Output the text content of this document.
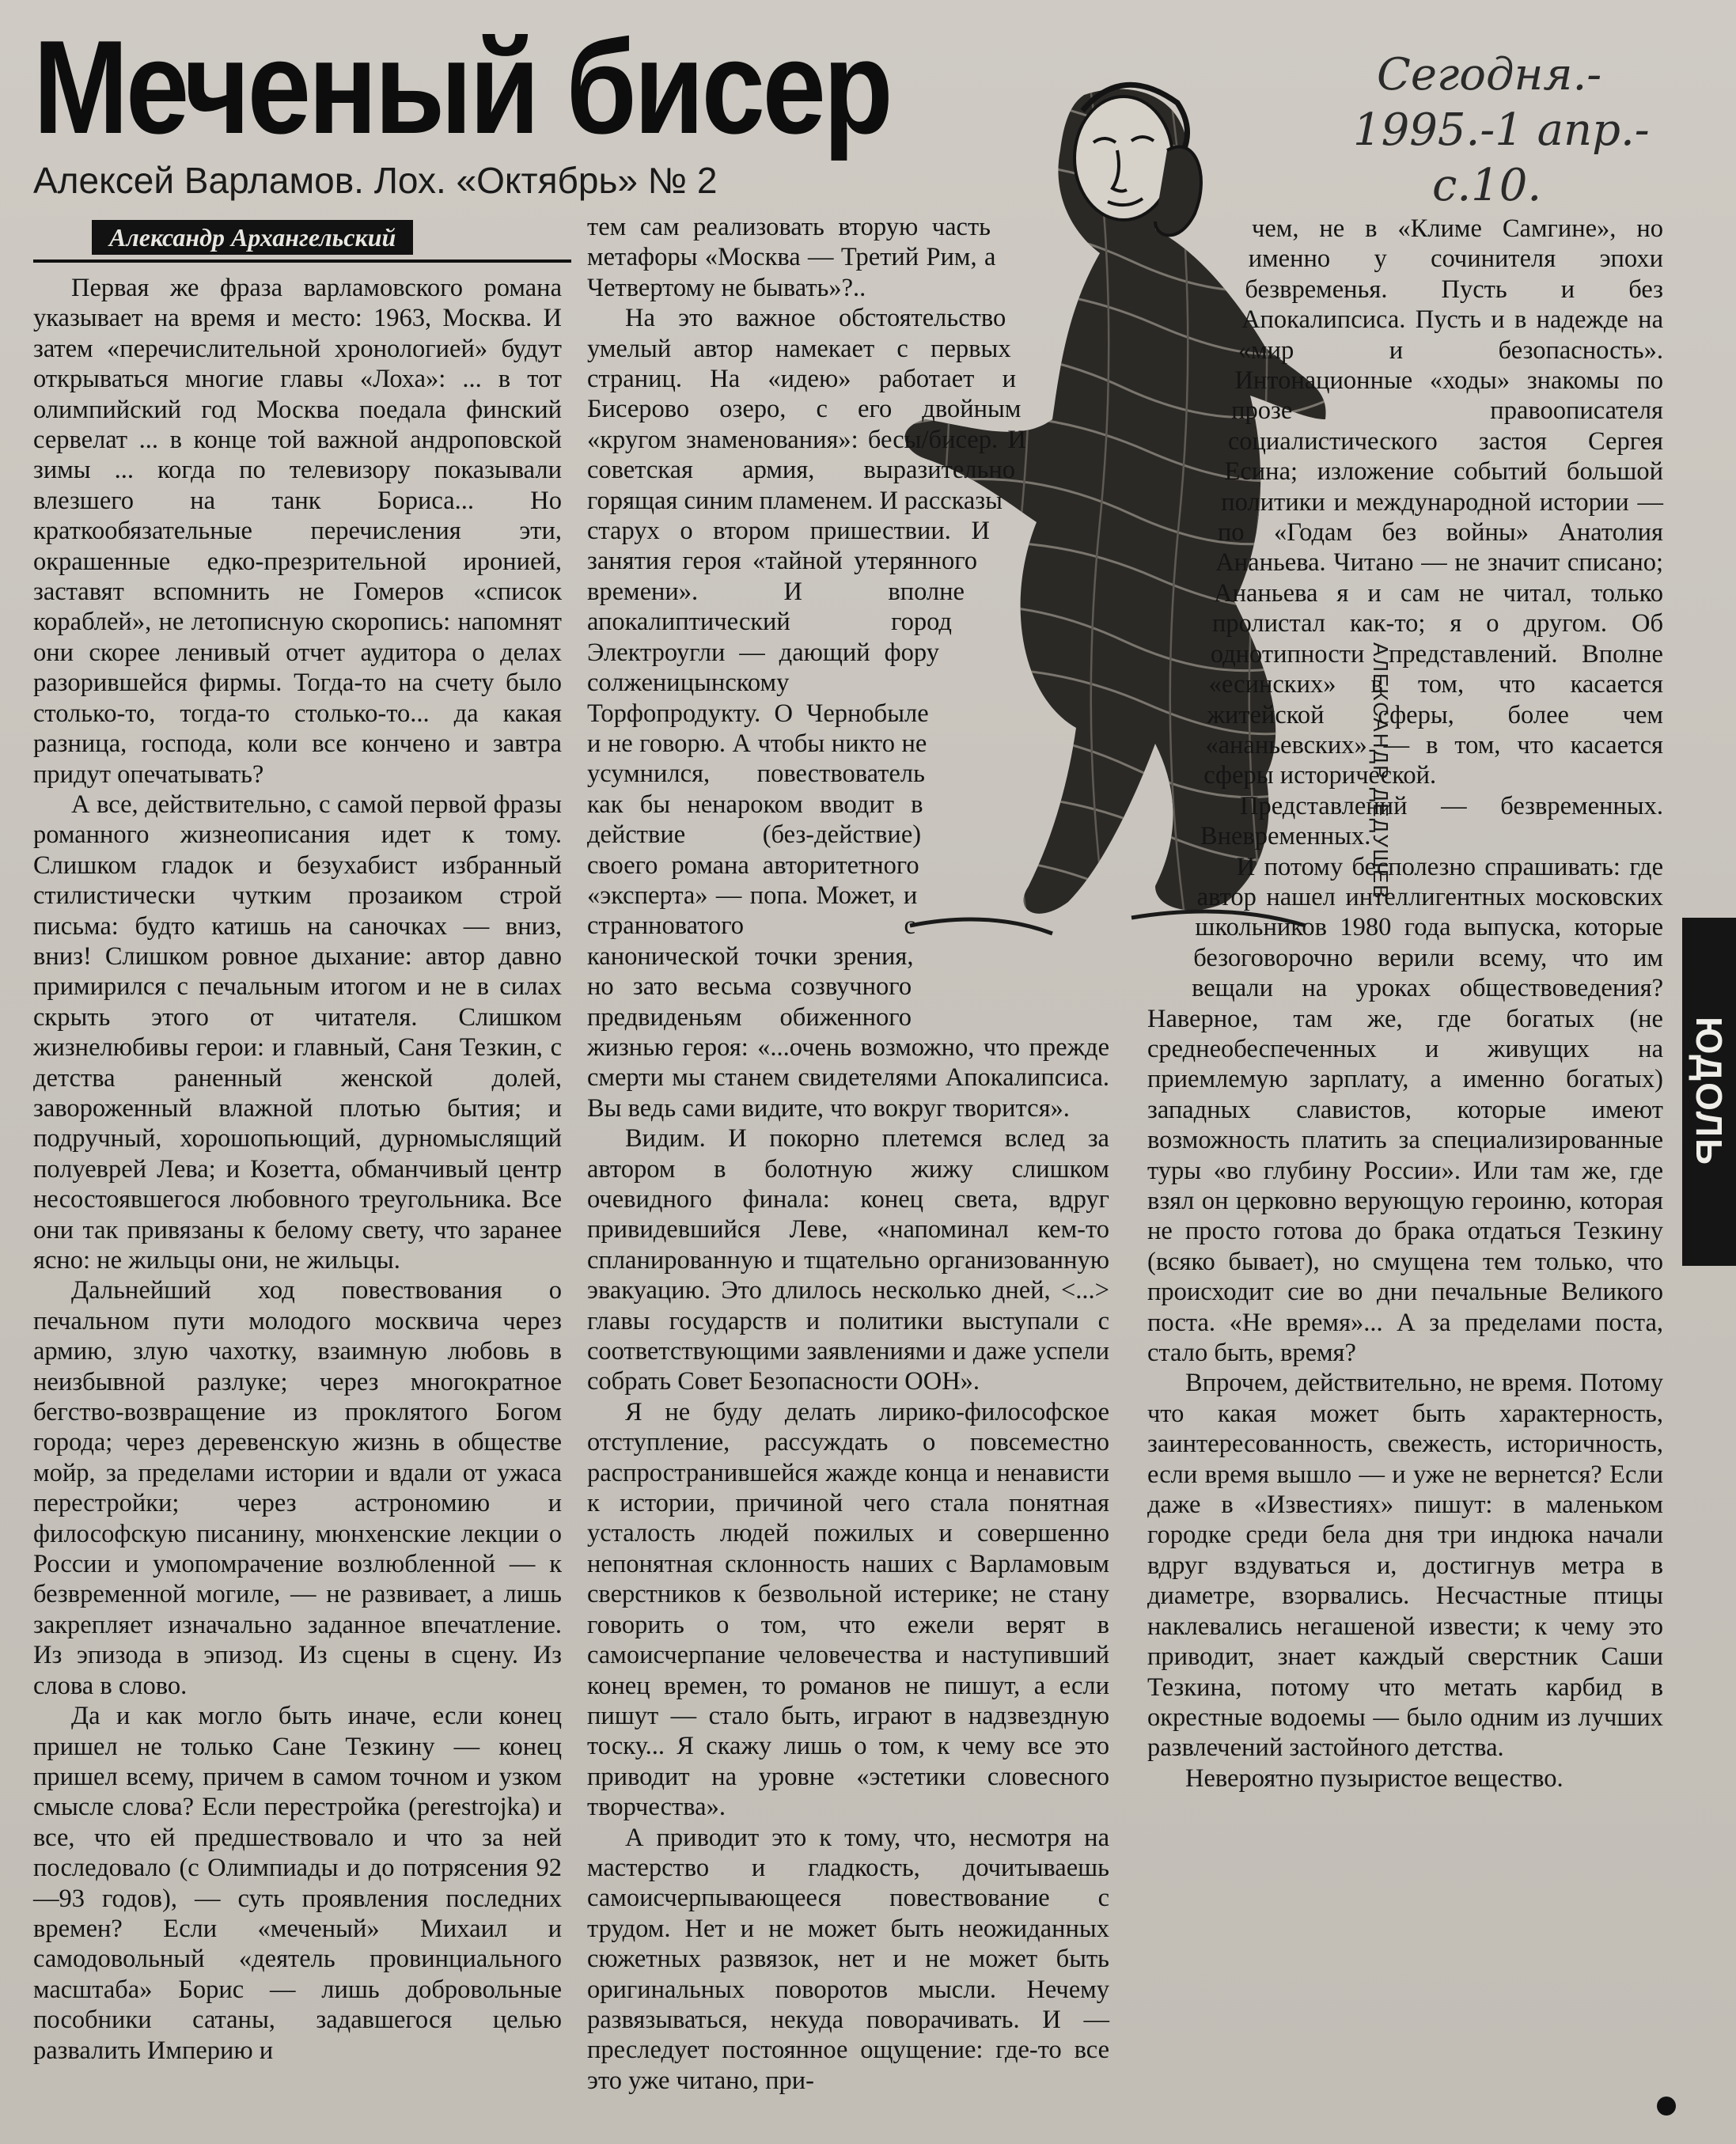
Меченый бисер
Алексей Варламов. Лох. «Октябрь» № 2
Александр Архангельский
Сегодня.-
1995.-1 апр.-
с.10.
АЛЕКСАНДР ДЕДУШЕВ

Первая же фраза варламовского романа указывает на время и место: 1963, Москва. И затем «перечислительной хронологией» будут открываться многие главы «Лоха»: ... в тот олимпийский год Москва поедала финский сервелат ... в конце той важной андроповской зимы ... когда по телевизору показывали влезшего на танк Бориса... Но краткообязательные перечисления эти, окрашенные едко-презрительной иронией, заставят вспомнить не Гомеров «список кораблей», не летописную скоропись: напомнят они скорее ленивый отчет аудитора о делах разорившейся фирмы. Тогда-то на счету было столько-то, тогда-то столько-то... да какая разница, господа, коли все кончено и завтра придут опечатывать?

А все, действительно, с самой первой фразы романного жизнеописания идет к тому. Слишком гладок и безухабист избранный стилистически чутким прозаиком строй письма: будто катишь на саночках — вниз, вниз! Слишком ровное дыхание: автор давно примирился с печальным итогом и не в силах скрыть этого от читателя. Слишком жизнелюбивы герои: и главный, Саня Тезкин, с детства раненный женской долей, завороженный влажной плотью бытия; и подручный, хорошопьющий, дурномыслящий полуеврей Лева; и Козетта, обманчивый центр несостоявшегося любовного треугольника. Все они так привязаны к белому свету, что заранее ясно: не жильцы они, не жильцы.

Дальнейший ход повествования о печальном пути молодого москвича через армию, злую чахотку, взаимную любовь в неизбывной разлуке; через многократное бегство-возвращение из проклятого Богом города; через деревенскую жизнь в обществе мойр, за пределами истории и вдали от ужаса перестройки; через астрономию и философскую писанину, мюнхенские лекции о России и умопомрачение возлюбленной — к безвременной могиле, — не развивает, а лишь закрепляет изначально заданное впечатление. Из эпизода в эпизод. Из сцены в сцену. Из слова в слово.

Да и как могло быть иначе, если конец пришел не только Сане Тезкину — конец пришел всему, причем в самом точном и узком смысле слова? Если перестройка (perestrojka) и все, что ей предшествовало и что за ней последовало (с Олимпиады и до потрясения 92—93 годов), — суть проявления последних времен? Если «меченый» Михаил и самодовольный «деятель провинциального масштаба» Борис — лишь добровольные пособники сатаны, задавшегося целью развалить Империю и

тем сам реализовать вторую часть метафоры «Москва — Третий Рим, а Четвертому не бывать»?..

На это важное обстоятельство умелый автор намекает с первых страниц. На «идею» работает и Бисерово озеро, с его двойным «кругом знаменования»: бесы/бисер. И советская армия, выразительно горящая синим пламенем. И рассказы старух о втором пришествии. И занятия героя «тайной утерянного времени». И вполне апокалиптический город Электроугли — дающий фору солженицынскому Торфопродукту. О Чернобыле и не говорю. А чтобы никто не усумнился, повествователь как бы ненароком вводит в действие (без-действие) своего романа авторитетного «эксперта» — попа. Может, и странноватого с канонической точки зрения, но зато весьма созвучного предвиденьям обиженного жизнью героя: «...очень возможно, что прежде смерти мы станем свидетелями Апокалипсиса. Вы ведь сами видите, что вокруг творится».

Видим. И покорно плетемся вслед за автором в болотную жижу слишком очевидного финала: конец света, вдруг привидевшийся Леве, «напоминал кем-то спланированную и тщательно организованную эвакуацию. Это длилось несколько дней, <...> главы государств и политики выступали с соответствующими заявлениями и даже успели собрать Совет Безопасности ООН».

Я не буду делать лирико-философское отступление, рассуждать о повсеместно распространившейся жажде конца и ненависти к истории, причиной чего стала понятная усталость людей пожилых и совершенно непонятная склонность наших с Варламовым сверстников к безвольной истерике; не стану говорить о том, что ежели верят в самоисчерпание человечества и наступивший конец времен, то романов не пишут, а если пишут — стало быть, играют в надзвездную тоску... Я скажу лишь о том, к чему все это приводит на уровне «эстетики словесного творчества».

А приводит это к тому, что, несмотря на мастерство и гладкость, дочитываешь самоисчерпывающееся повествование с трудом. Нет и не может быть неожиданных сюжетных развязок, нет и не может быть оригинальных поворотов мысли. Нечему развязываться, некуда поворачивать. И — преследует постоянное ощущение: где-то все это уже читано, при-

чем, не в «Климе Самгине», но именно у сочинителя эпохи безвременья. Пусть и без Апокалипсиса. Пусть и в надежде на «мир и безопасность». Интонационные «ходы» знакомы по прозе правоописателя социалистического застоя Сергея Есина; изложение событий большой политики и международной истории — по «Годам без войны» Анатолия Ананьева. Читано — не значит списано; Ананьева я и сам не читал, только пролистал как-то; я о другом. Об однотипности представлений. Вполне «есинских» в том, что касается житейской сферы, более чем «ананьевских» — в том, что касается сферы исторической.

Представлений — безвременных. Вневременных.

И потому бесполезно спрашивать: где автор нашел интеллигентных московских школьников 1980 года выпуска, которые безоговорочно верили всему, что им вещали на уроках обществоведения? Наверное, там же, где богатых (не среднеобеспеченных и живущих на приемлемую зарплату, а именно богатых) западных славистов, которые имеют возможность платить за специализированные туры «во глубину России». Или там же, где взял он церковно верующую героиню, которая не просто готова до брака отдаться Тезкину (всяко бывает), но смущена тем только, что происходит сие во дни печальные Великого поста. «Не время»... А за пределами поста, стало быть, время?

Впрочем, действительно, не время. Потому что какая может быть характерность, заинтересованность, свежесть, историчность, если время вышло — и уже не вернется? Если даже в «Известиях» пишут: в маленьком городке среди бела дня три индюка начали вдруг вздуваться и, достигнув метра в диаметре, взорвались. Несчастные птицы наклевались негашеной извести; к чему это приводит, знает каждый сверстник Саши Тезкина, потому что метать карбид в окрестные водоемы — было одним из лучших развлечений застойного детства.

Невероятно пузыристое вещество.

ЮДОЛЬ
